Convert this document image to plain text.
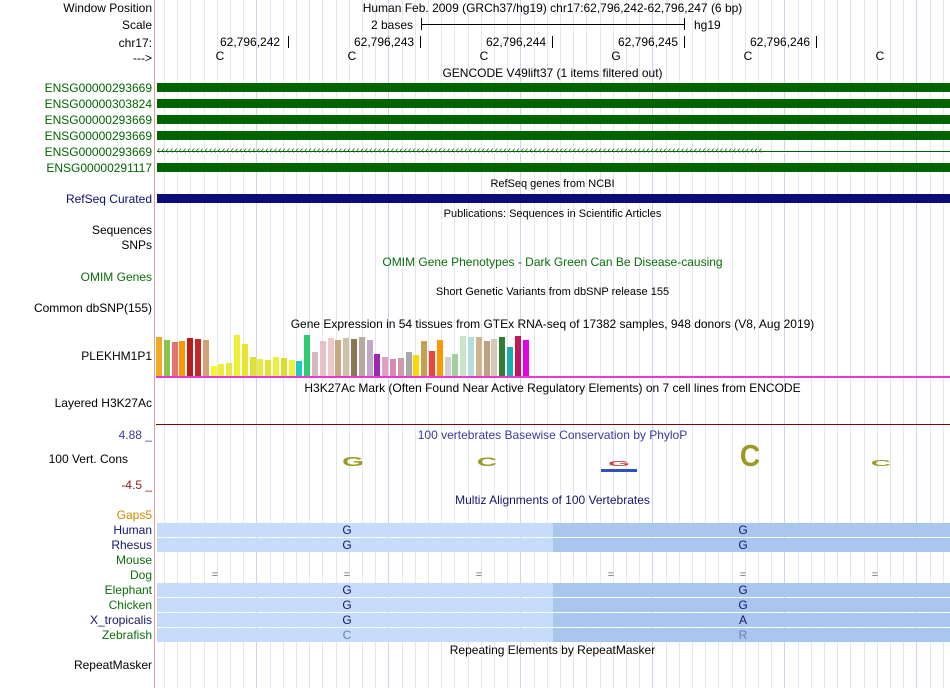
Window Position	Human Feb. 2009 (GRCh37/hg19) chr17:62,796,242-62,796,247 (6 bp)
Scale	2 bases	hg19
chr17:	62,796,242	62,796,243	62,796,244	62,796,245	62,796,246
--->	C	C	C	G	C	C
GENCODE V49lift37 (1 items filtered out)
ENSG00000293669
ENSG00000303824
ENSG00000293669
ENSG00000293669
ENSG00000293669 ‹‹‹‹‹‹‹‹‹‹‹‹‹‹‹‹‹‹‹‹‹‹‹‹‹‹‹‹‹‹‹‹‹‹‹‹‹‹‹‹‹‹‹‹‹‹‹‹‹‹‹‹‹‹‹‹‹‹‹‹‹‹‹‹‹‹‹‹‹‹‹‹‹‹‹‹‹‹‹‹‹‹‹‹‹‹‹‹‹‹‹‹‹‹‹‹‹‹‹‹‹‹‹‹‹‹‹‹‹‹‹‹‹‹‹‹‹‹‹‹‹‹‹‹‹‹‹‹‹‹‹‹‹‹‹‹‹‹‹‹
ENSG00000291117
RefSeq genes from NCBI
RefSeq Curated
Publications: Sequences in Scientific Articles
Sequences
SNPs
OMIM Gene Phenotypes - Dark Green Can Be Disease-causing
OMIM Genes
Short Genetic Variants from dbSNP release 155
Common dbSNP(155)
Gene Expression in 54 tissues from GTEx RNA-seq of 17382 samples, 948 donors (V8, Aug 2019)
PLEKHM1P1
H3K27Ac Mark (Often Found Near Active Regulatory Elements) on 7 cell lines from ENCODE
Layered H3K27Ac
100 vertebrates Basewise Conservation by PhyloP
4.88 _
100 Vert. Cons
-4.5 _
G	C	G	C	C
Multiz Alignments of 100 Vertebrates
Gaps5
Human	G	G
Rhesus	G	G
Mouse
Dog	=	=	=	=	=	=
Elephant	G	G
Chicken	G	G
X_tropicalis	G	A
Zebrafish	C	R
Repeating Elements by RepeatMasker
RepeatMasker
